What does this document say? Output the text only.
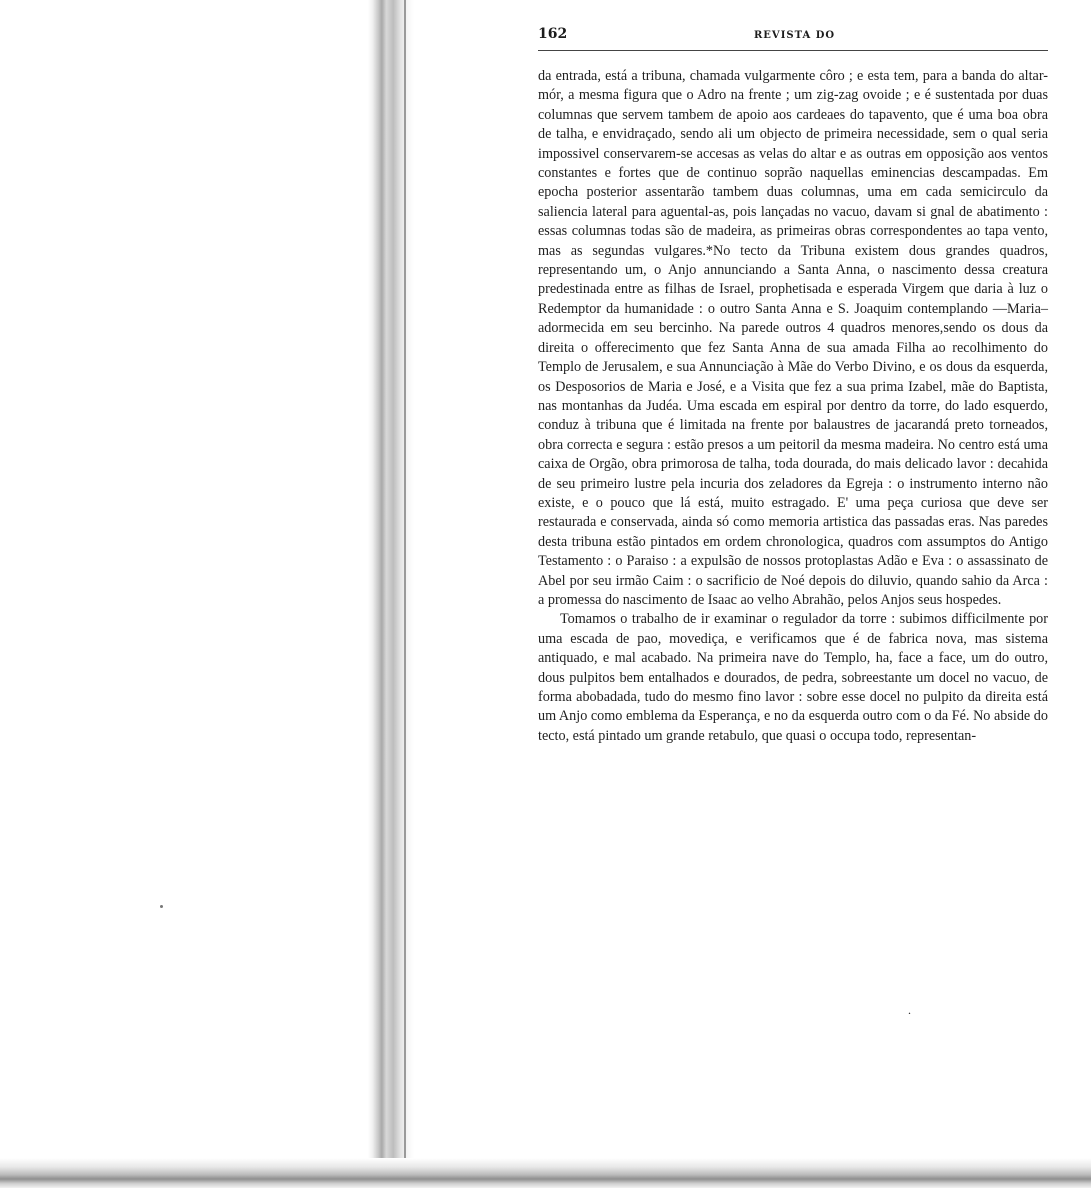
162	REVISTA DO

da entrada, está a tribuna, chamada vulgarmente côro ; e esta tem, para a banda do altar-mór, a mesma figura que o Adro na frente ; um zig-zag ovoide ; e é sustentada por duas columnas que servem tambem de apoio aos cardeaes do tapavento, que é uma boa obra de talha, e envidraçado, sendo ali um objecto de primeira necessidade, sem o qual seria impossivel conservarem-se accesas as velas do altar e as outras em opposição aos ventos constantes e fortes que de continuo soprão naquellas eminencias descampadas. Em epocha posterior assentarão tambem duas columnas, uma em cada semicirculo da saliencia lateral para aguental-as, pois lançadas no vacuo, davam si gnal de abatimento : essas columnas todas são de madeira, as primeiras obras correspondentes ao tapa vento, mas as segundas vulgares.*No tecto da Tribuna existem dous grandes quadros, representando um, o Anjo annunciando a Santa Anna, o nascimento dessa creatura predestinada entre as filhas de Israel, prophetisada e esperada Virgem que daria à luz o Redemptor da humanidade : o outro Santa Anna e S. Joaquim contemplando —Maria–adormecida em seu bercinho. Na parede outros 4 quadros menores,sendo os dous da direita o offerecimento que fez Santa Anna de sua amada Filha ao recolhimento do Templo de Jerusalem, e sua Annunciação à Mãe do Verbo Divino, e os dous da esquerda, os Desposorios de Maria e José, e a Visita que fez a sua prima Izabel, mãe do Baptista, nas montanhas da Judéa. Uma escada em espiral por dentro da torre, do lado esquerdo, conduz à tribuna que é limitada na frente por balaustres de jacarandá preto torneados, obra correcta e segura : estão presos a um peitoril da mesma madeira. No centro está uma caixa de Orgão, obra primorosa de talha, toda dourada, do mais delicado lavor : decahida de seu primeiro lustre pela incuria dos zeladores da Egreja : o instrumento interno não existe, e o pouco que lá está, muito estragado. E' uma peça curiosa que deve ser restaurada e conservada, ainda só como memoria artistica das passadas eras. Nas paredes desta tribuna estão pintados em ordem chronologica, quadros com assumptos do Antigo Testamento : o Paraiso : a expulsão de nossos protoplastas Adão e Eva : o assassinato de Abel por seu irmão Caim : o sacrificio de Noé depois do diluvio, quando sahio da Arca : a promessa do nascimento de Isaac ao velho Abrahão, pelos Anjos seus hospedes.

Tomamos o trabalho de ir examinar o regulador da torre : subimos difficilmente por uma escada de pao, movediça, e verificamos que é de fabrica nova, mas sistema antiquado, e mal acabado. Na primeira nave do Templo, ha, face a face, um do outro, dous pulpitos bem entalhados e dourados, de pedra, sobreestante um docel no vacuo, de forma abobadada, tudo do mesmo fino lavor : sobre esse docel no pulpito da direita está um Anjo como emblema da Esperança, e no da esquerda outro com o da Fé. No abside do tecto, está pintado um grande retabulo, que quasi o occupa todo, representan-

.
